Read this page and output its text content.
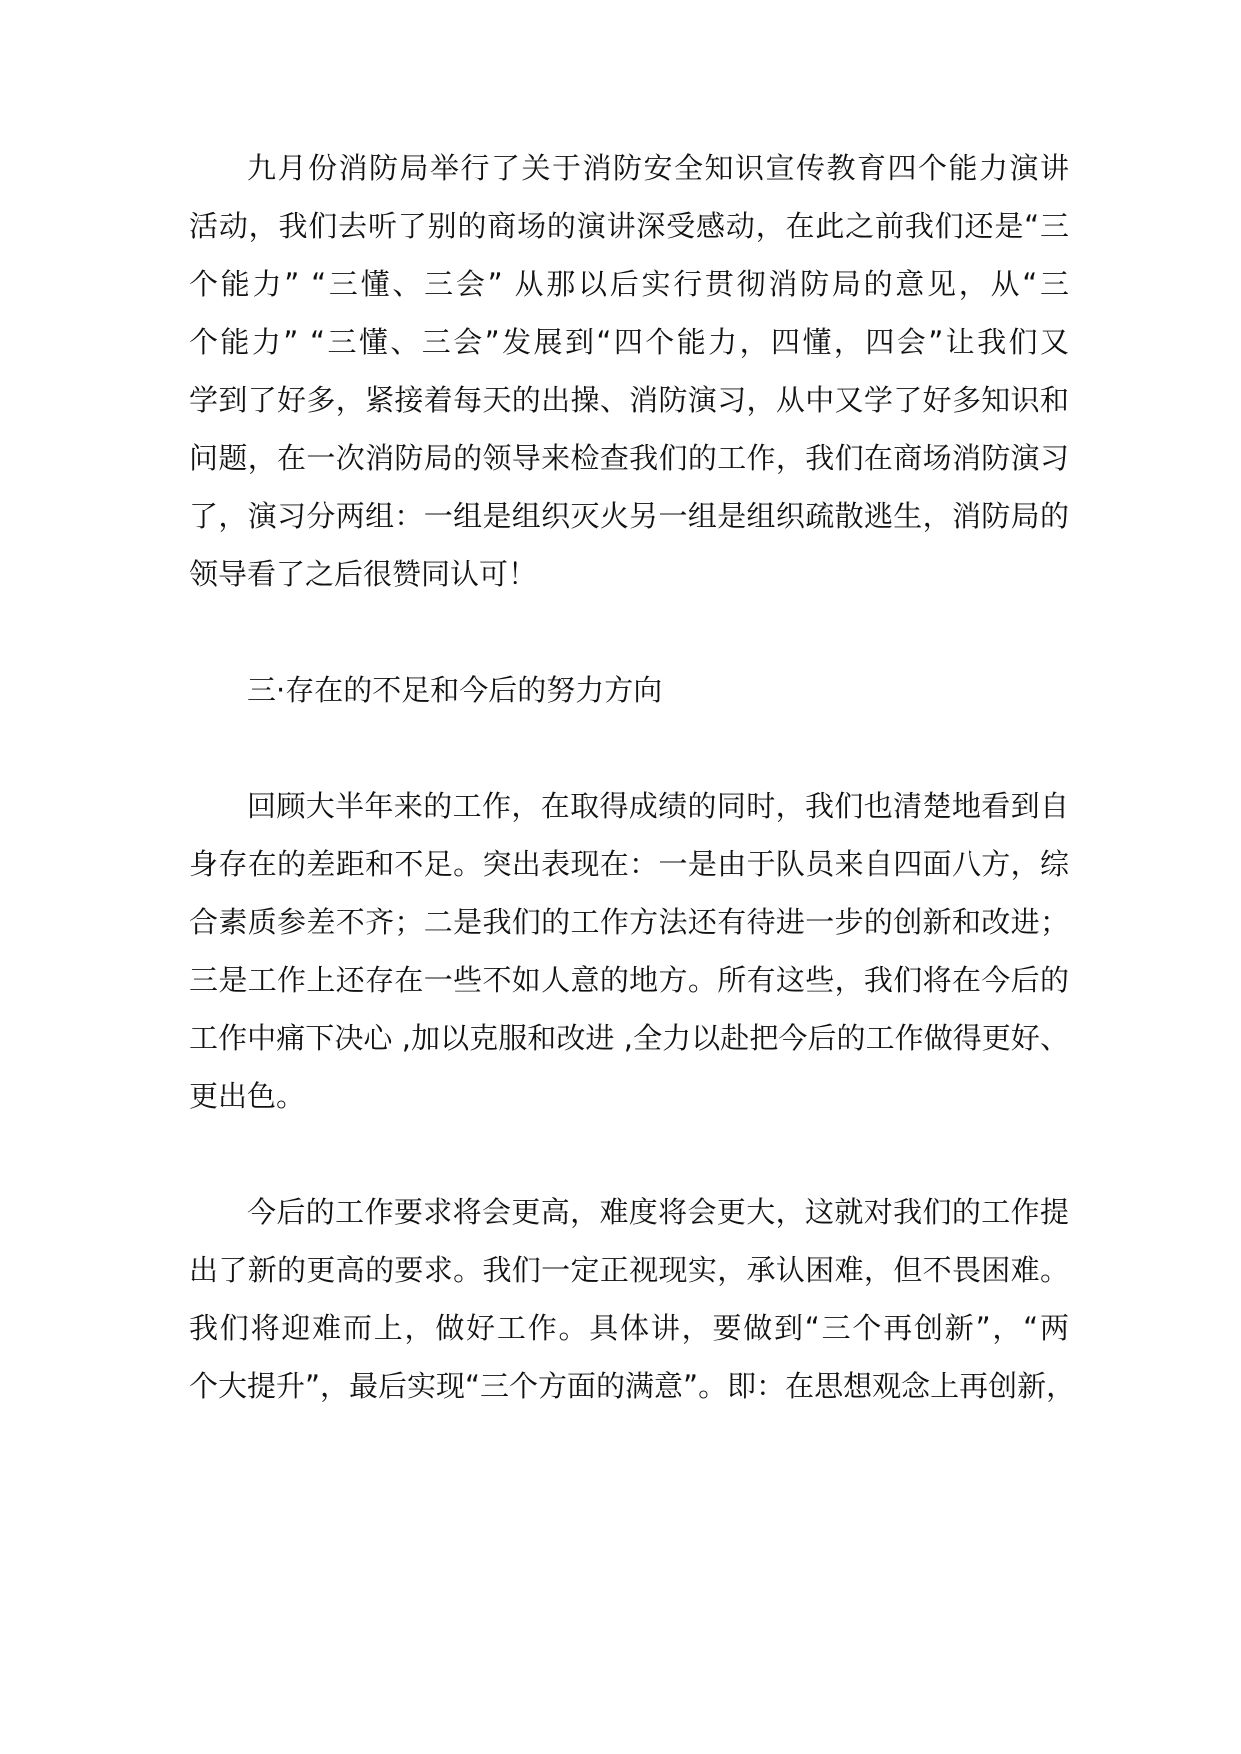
九月份消防局举行了关于消防安全知识宣传教育四个能力演讲
活动，我们去听了别的商场的演讲深受感动，在此之前我们还是“三
个能力” “三懂、三会” 从那以后实行贯彻消防局的意见，从“三
个能力” “三懂、三会”发展到“四个能力，四懂，四会”让我们又
学到了好多，紧接着每天的出操、消防演习，从中又学了好多知识和
问题，在一次消防局的领导来检查我们的工作，我们在商场消防演习
了，演习分两组：一组是组织灭火另一组是组织疏散逃生，消防局的
领导看了之后很赞同认可！
三·存在的不足和今后的努力方向
回顾大半年来的工作，在取得成绩的同时，我们也清楚地看到自
身存在的差距和不足。突出表现在：一是由于队员来自四面八方，综
合素质参差不齐；二是我们的工作方法还有待进一步的创新和改进；
三是工作上还存在一些不如人意的地方。所有这些，我们将在今后的
工作中痛下决心 ,加以克服和改进 ,全力以赴把今后的工作做得更好、
更出色。
今后的工作要求将会更高，难度将会更大，这就对我们的工作提
出了新的更高的要求。我们一定正视现实，承认困难，但不畏困难。
我们将迎难而上，做好工作。具体讲，要做到“三个再创新”，“两
个大提升”，最后实现“三个方面的满意”。即：在思想观念上再创新，
